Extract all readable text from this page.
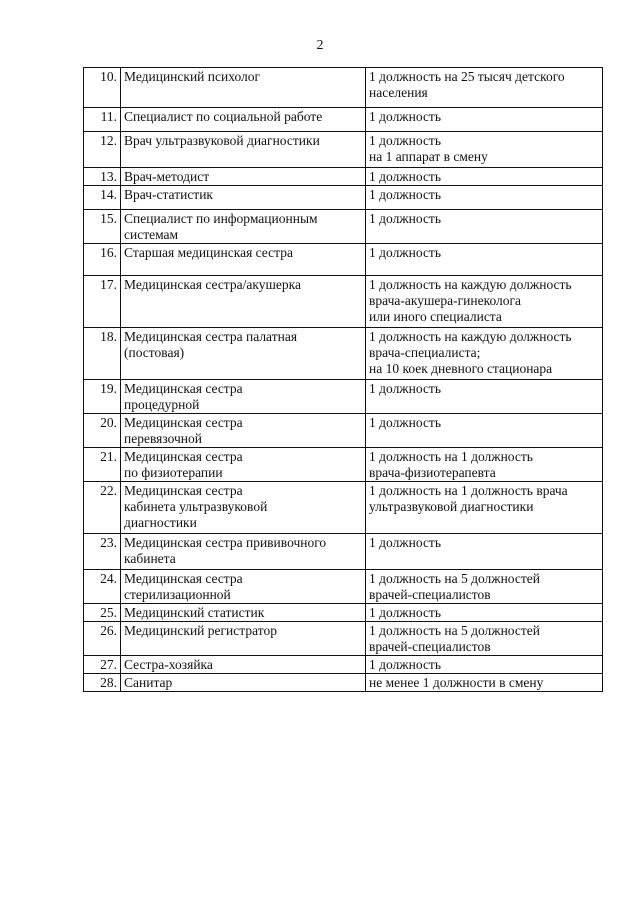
2
10.	Медицинский психолог	1 должность на 25 тысяч детского
населения

11.	Специалист по социальной работе	1 должность

12.	Врач ультразвуковой диагностики	1 должность
на 1 аппарат в смену

13.	Врач-методист	1 должность

14.	Врач-статистик	1 должность

15.	Специалист по информационным
системам	1 должность

16.	Старшая медицинская сестра	1 должность

17.	Медицинская сестра/акушерка	1 должность на каждую должность
врача-акушера-гинеколога
или иного специалиста

18.	Медицинская сестра палатная
(постовая)	1 должность на каждую должность
врача-специалиста;
на 10 коек дневного стационара

19.	Медицинская сестра
процедурной	1 должность

20.	Медицинская сестра
перевязочной	1 должность

21.	Медицинская сестра
по физиотерапии	1 должность на 1 должность
врача-физиотерапевта

22.	Медицинская сестра
кабинета ультразвуковой
диагностики	1 должность на 1 должность врача
ультразвуковой диагностики

23.	Медицинская сестра прививочного
кабинета	1 должность

24.	Медицинская сестра
стерилизационной	1 должность на 5 должностей
врачей-специалистов

25.	Медицинский статистик	1 должность

26.	Медицинский регистратор	1 должность на 5 должностей
врачей-специалистов

27.	Сестра-хозяйка	1 должность

28.	Санитар	не менее 1 должности в смену
